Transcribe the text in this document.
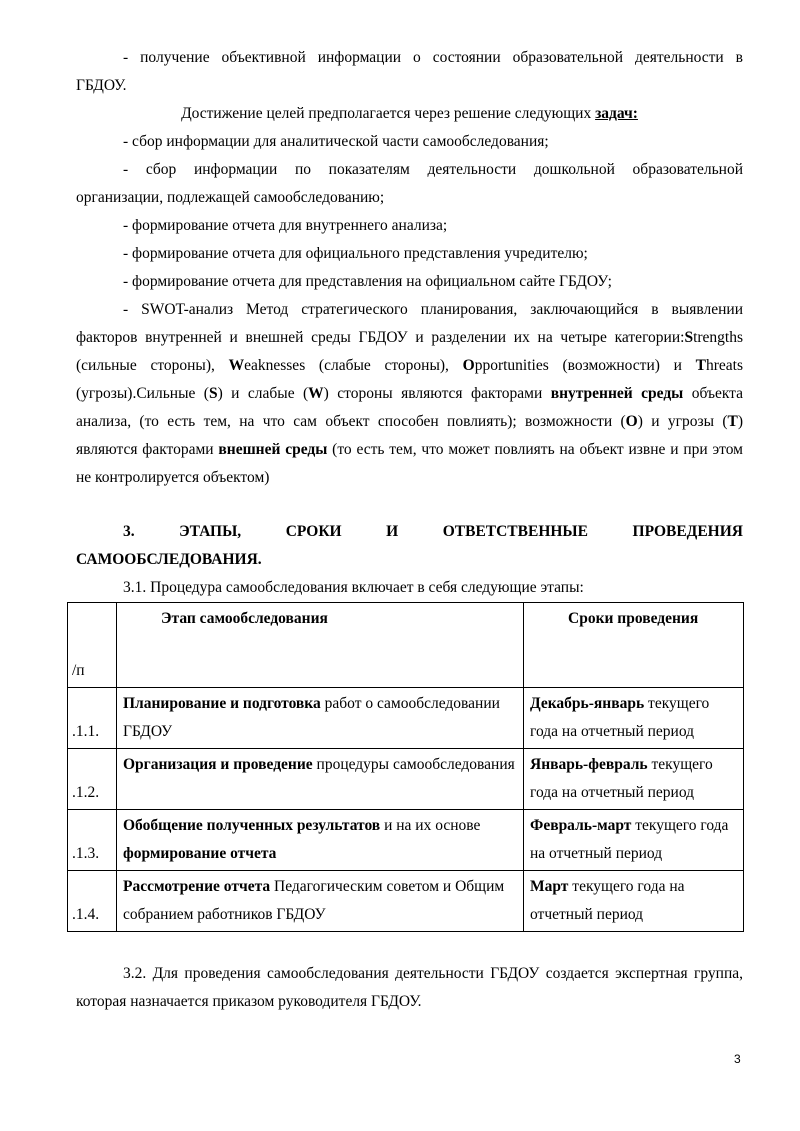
- получение объективной информации о состоянии образовательной деятельности в

ГБДОУ.

Достижение целей предполагается через решение следующих задач:

- сбор информации для аналитической части самообследования;

- сбор информации по показателям деятельности дошкольной образовательной

организации, подлежащей самообследованию;

- формирование отчета для внутреннего анализа;

- формирование отчета для официального представления учредителю;

- формирование отчета для представления на официальном сайте ГБДОУ;

- SWOT-анализ Метод стратегического планирования, заключающийся в выявлении факторов внутренней и внешней среды ГБДОУ и разделении их на четыре категории:Strengths (сильные стороны), Weaknesses (слабые стороны), Opportunities (возможности) и Threats (угрозы).Сильные (S) и слабые (W) стороны являются факторами внутренней среды объекта анализа, (то есть тем, на что сам объект способен повлиять); возможности (O) и угрозы (T) являются факторами внешней среды (то есть тем, что может повлиять на объект извне и при этом не контролируется объектом)

3. ЭТАПЫ, СРОКИ И ОТВЕТСТВЕННЫЕ ПРОВЕДЕНИЯ

САМООБСЛЕДОВАНИЯ.

3.1. Процедура самообследования включает в себя следующие этапы:

/п	Этап самообследования	Сроки проведения
.1.1.	Планирование и подготовка работ о самообследовании ГБДОУ	Декабрь-январь текущего года на отчетный период
.1.2.	Организация и проведение процедуры самообследования	Январь-февраль текущего года на отчетный период
.1.3.	Обобщение полученных результатов и на их основе формирование отчета	Февраль-март текущего года на отчетный период
.1.4.	Рассмотрение отчета Педагогическим советом и Общим собранием работников ГБДОУ	Март текущего года на отчетный период

3.2. Для проведения самообследования деятельности ГБДОУ создается экспертная группа, которая назначается приказом руководителя ГБДОУ.

3
